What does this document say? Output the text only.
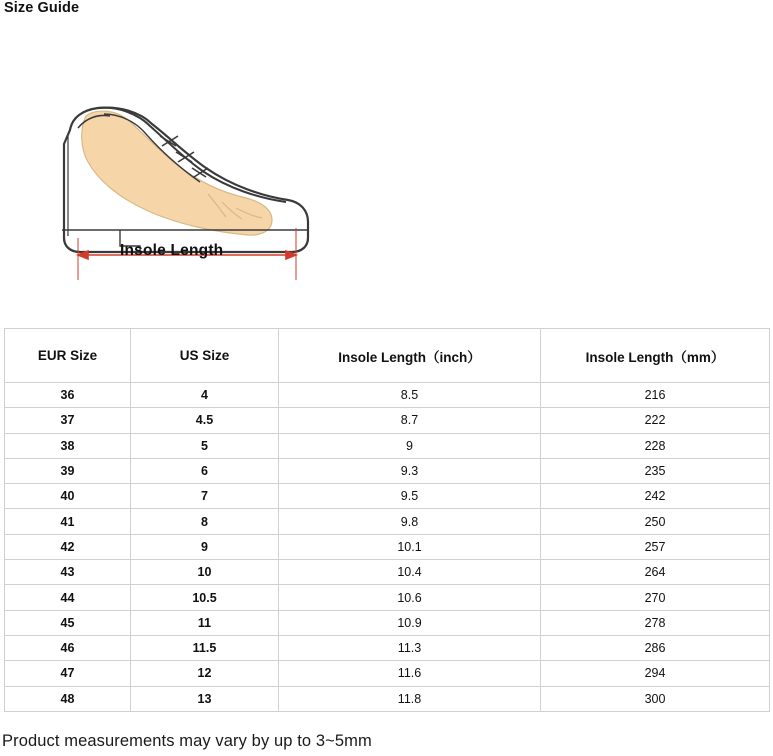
Size Guide
Insole Length
EUR Size	US Size	Insole Length（inch）	Insole Length（mm）
36	4	8.5	216
37	4.5	8.7	222
38	5	9	228
39	6	9.3	235
40	7	9.5	242
41	8	9.8	250
42	9	10.1	257
43	10	10.4	264
44	10.5	10.6	270
45	11	10.9	278
46	11.5	11.3	286
47	12	11.6	294
48	13	11.8	300
Product measurements may vary by up to 3~5mm
